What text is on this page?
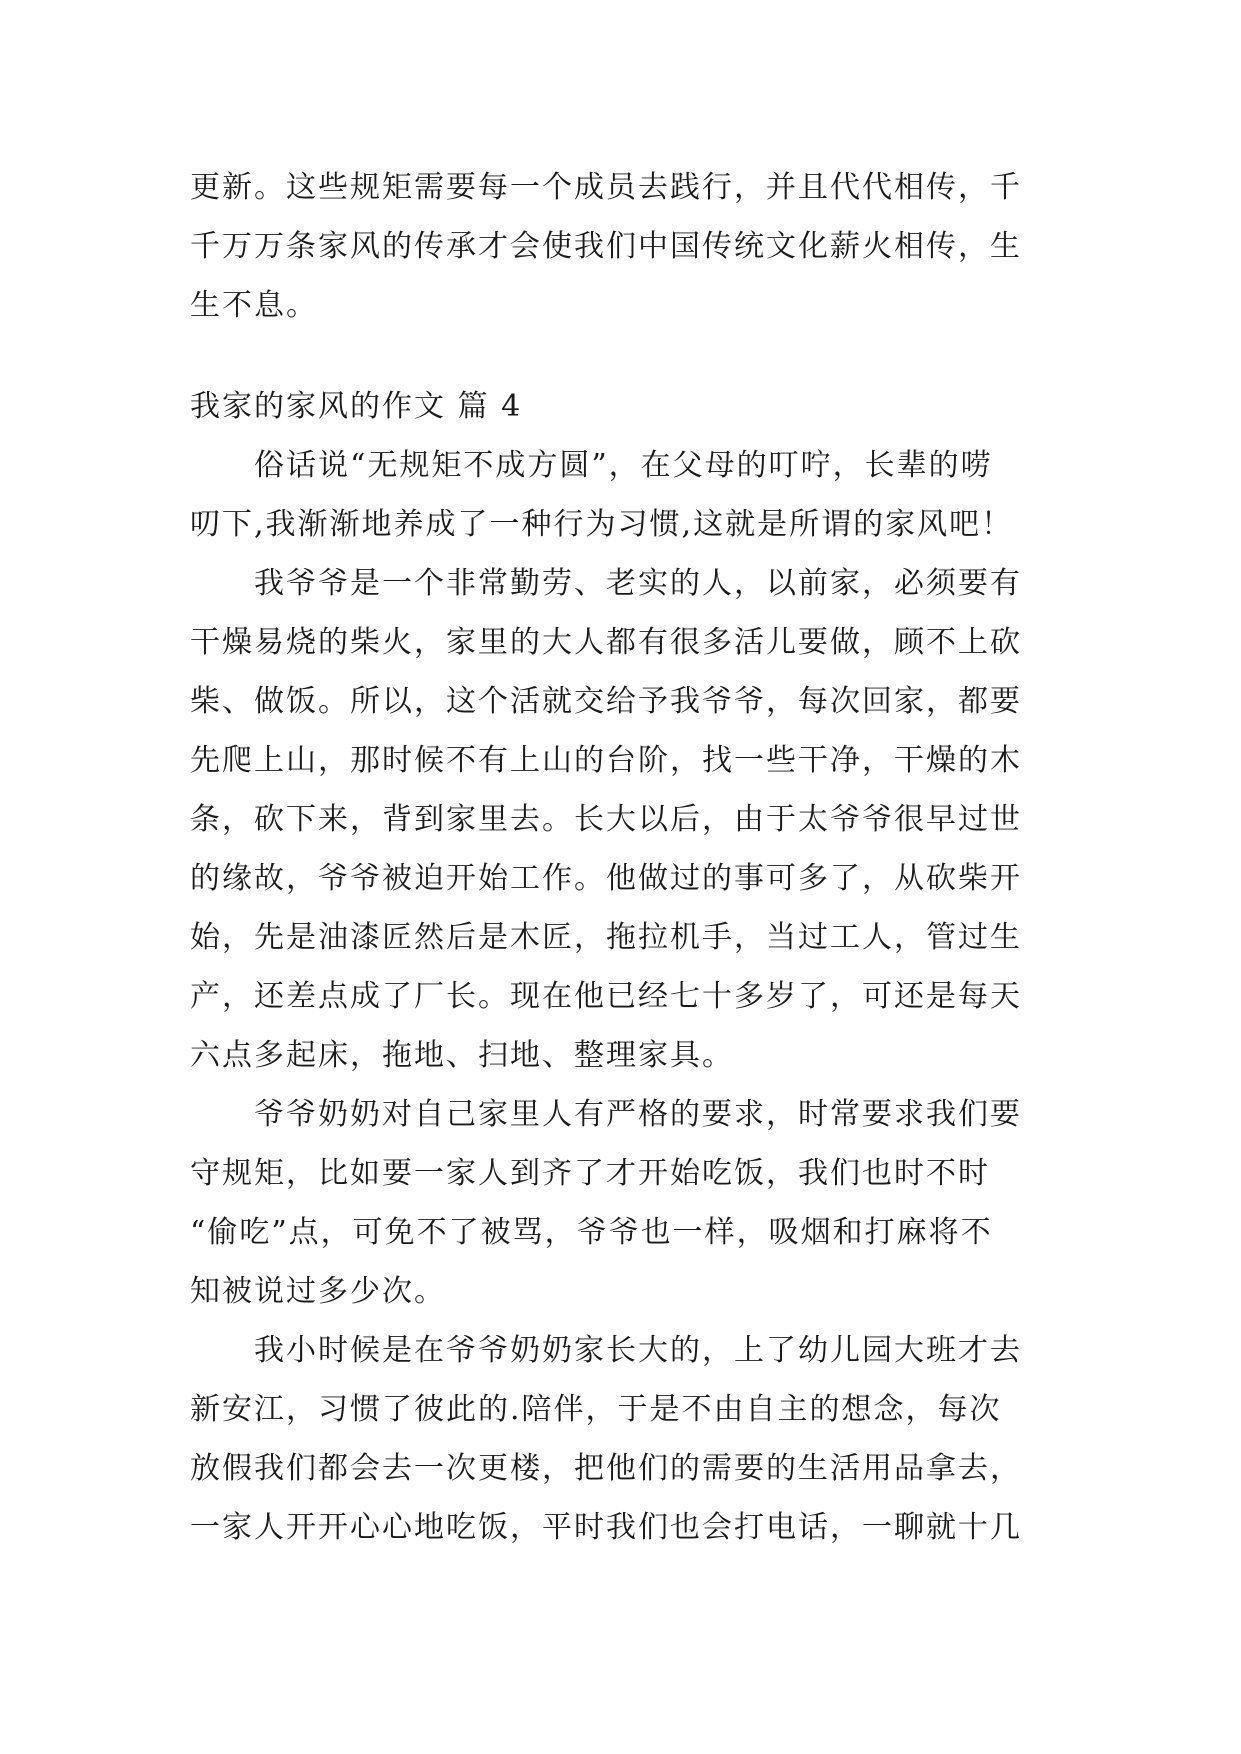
更新。这些规矩需要每一个成员去践行，并且代代相传，千
千万万条家风的传承才会使我们中国传统文化薪火相传，生
生不息。
我家的家风的作文 篇 4
俗话说“无规矩不成方圆”，在父母的叮咛，长辈的唠
叨下,我渐渐地养成了一种行为习惯,这就是所谓的家风吧！
我爷爷是一个非常勤劳、老实的人，以前家，必须要有
干燥易烧的柴火，家里的大人都有很多活儿要做，顾不上砍
柴、做饭。所以，这个活就交给予我爷爷，每次回家，都要
先爬上山，那时候不有上山的台阶，找一些干净，干燥的木
条，砍下来，背到家里去。长大以后，由于太爷爷很早过世
的缘故，爷爷被迫开始工作。他做过的事可多了，从砍柴开
始，先是油漆匠然后是木匠，拖拉机手，当过工人，管过生
产，还差点成了厂长。现在他已经七十多岁了，可还是每天
六点多起床，拖地、扫地、整理家具。
爷爷奶奶对自己家里人有严格的要求，时常要求我们要
守规矩，比如要一家人到齐了才开始吃饭，我们也时不时
“偷吃”点，可免不了被骂，爷爷也一样，吸烟和打麻将不
知被说过多少次。
我小时候是在爷爷奶奶家长大的，上了幼儿园大班才去
新安江，习惯了彼此的.陪伴，于是不由自主的想念，每次
放假我们都会去一次更楼，把他们的需要的生活用品拿去，
一家人开开心心地吃饭，平时我们也会打电话，一聊就十几
